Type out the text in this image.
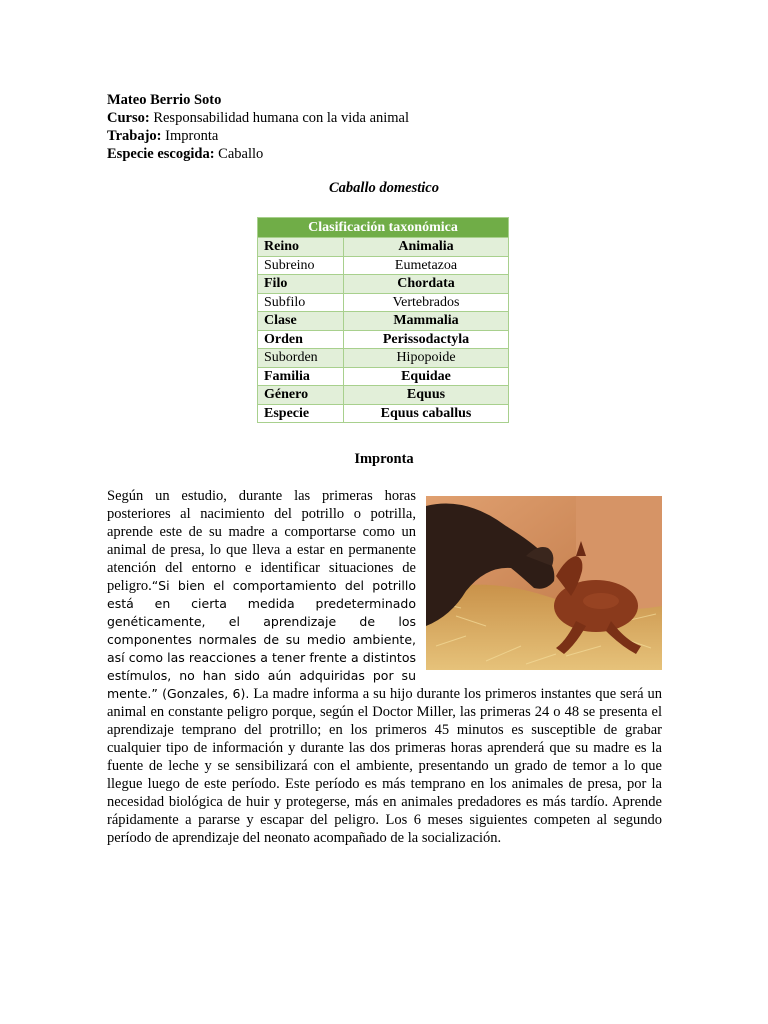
Mateo Berrio Soto
Curso: Responsabilidad humana con la vida animal
Trabajo: Impronta
Especie escogida: Caballo
Caballo domestico
Clasificación taxonómica	
Reino	Animalia
Subreino	Eumetazoa
Filo	Chordata
Subfilo	Vertebrados
Clase	Mammalia
Orden	Perissodactyla
Suborden	Hipopoide
Familia	Equidae
Género	Equus
Especie	Equus caballus
Impronta
Según un estudio, durante las primeras horas posteriores al nacimiento del potrillo o potrilla, aprende este de su madre a comportarse como un animal de presa, lo que lleva a estar en permanente atención del entorno e identificar situaciones de peligro.“Si bien el comportamiento del potrillo está en cierta medida predeterminado genéticamente, el aprendizaje de los componentes normales de su medio ambiente, así como las reacciones a tener frente a distintos estímulos, no han sido aún adquiridas por su mente.” (Gonzales, 6). La madre informa a su hijo durante los primeros instantes que será un animal en constante peligro porque, según el Doctor Miller, las primeras 24 o 48 se presenta el aprendizaje temprano del protrillo; en los primeros 45 minutos es susceptible de grabar cualquier tipo de información y durante las dos primeras horas aprenderá que su madre es la fuente de leche y se sensibilizará con el ambiente, presentando un grado de temor a lo que llegue luego de este período. Este período es más temprano en los animales de presa, por la necesidad biológica de huir y protegerse, más en animales predadores es más tardío. Aprende rápidamente a pararse y escapar del peligro. Los 6 meses siguientes competen al segundo período de aprendizaje del neonato acompañado de la socialización.
